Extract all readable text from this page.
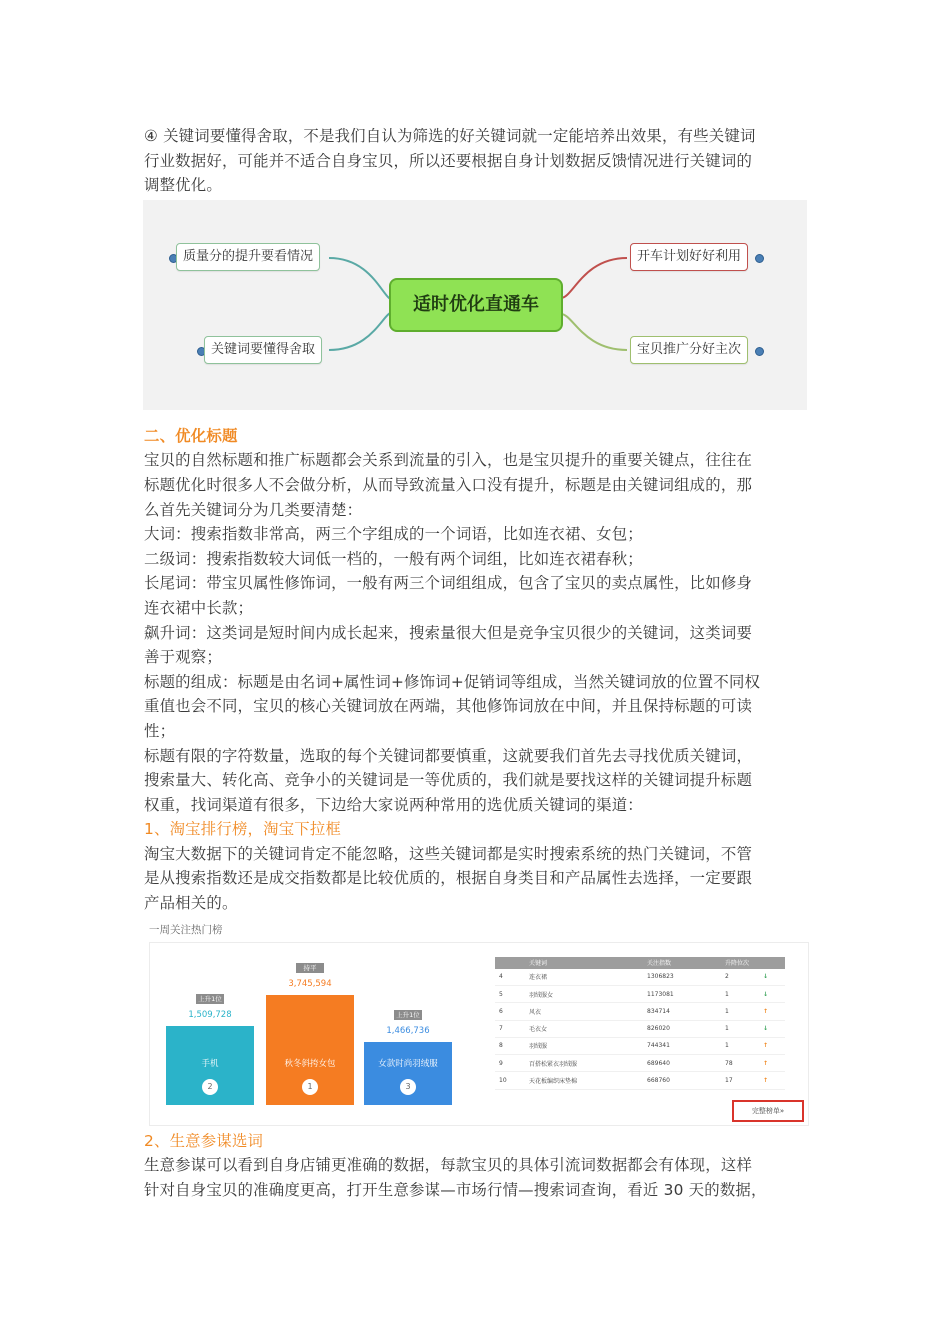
④ 关键词要懂得舍取，不是我们自认为筛选的好关键词就一定能培养出效果，有些关键词

行业数据好，可能并不适合自身宝贝，所以还要根据自身计划数据反馈情况进行关键词的

调整优化。

适时优化直通车
质量分的提升要看情况
关键词要懂得舍取
开车计划好好利用
宝贝推广分好主次

二、优化标题

宝贝的自然标题和推广标题都会关系到流量的引入，也是宝贝提升的重要关键点，往往在

标题优化时很多人不会做分析，从而导致流量入口没有提升，标题是由关键词组成的，那

么首先关键词分为几类要清楚：

大词：搜索指数非常高，两三个字组成的一个词语，比如连衣裙、女包；

二级词：搜索指数较大词低一档的，一般有两个词组，比如连衣裙春秋；

长尾词：带宝贝属性修饰词，一般有两三个词组组成，包含了宝贝的卖点属性，比如修身

连衣裙中长款；

飙升词：这类词是短时间内成长起来，搜索量很大但是竞争宝贝很少的关键词，这类词要

善于观察；

标题的组成：标题是由名词+属性词+修饰词+促销词等组成，当然关键词放的位置不同权

重值也会不同，宝贝的核心关键词放在两端，其他修饰词放在中间，并且保持标题的可读

性；

标题有限的字符数量，选取的每个关键词都要慎重，这就要我们首先去寻找优质关键词，

搜索量大、转化高、竞争小的关键词是一等优质的，我们就是要找这样的关键词提升标题

权重，找词渠道有很多，下边给大家说两种常用的选优质关键词的渠道：

1、淘宝排行榜，淘宝下拉框

淘宝大数据下的关键词肯定不能忽略，这些关键词都是实时搜索系统的热门关键词，不管

是从搜索指数还是成交指数都是比较优质的，根据自身类目和产品属性去选择，一定要跟

产品相关的。

一周关注热门榜
手机
2
1,509,728
上升1位
秋冬斜挎女包
1
3,745,594
持平
女款时尚羽绒服
3
1,466,736
上升1位
	关键词	关注指数	升降位次	
4	连衣裙	1306823	2	↓
5	羽绒服女	1173081	1	↓
6	风衣	834714	1	↑
7	毛衣女	826020	1	↓
8	羽绒服	744341	1	↑
9	百搭松紧衣羽绒服	689640	78	↑
10	天花板编织床垫棉	668760	17	↑
完整榜单»

2、生意参谋选词

生意参谋可以看到自身店铺更准确的数据，每款宝贝的具体引流词数据都会有体现，这样

针对自身宝贝的准确度更高，打开生意参谋—市场行情—搜索词查询，看近 30 天的数据，
